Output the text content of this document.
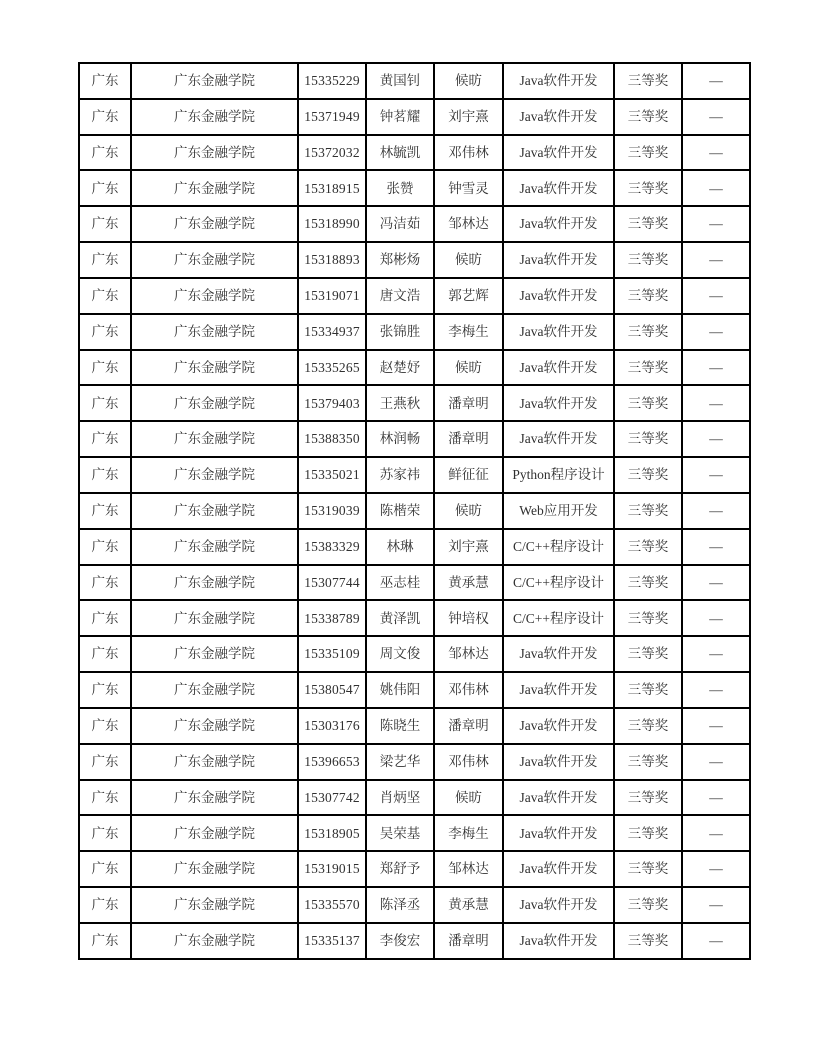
广东	广东金融学院	15335229	黄国钊	候昉	Java软件开发	三等奖	—
广东	广东金融学院	15371949	钟茗耀	刘宇熹	Java软件开发	三等奖	—
广东	广东金融学院	15372032	林毓凯	邓伟林	Java软件开发	三等奖	—
广东	广东金融学院	15318915	张赞	钟雪灵	Java软件开发	三等奖	—
广东	广东金融学院	15318990	冯洁茹	邹林达	Java软件开发	三等奖	—
广东	广东金融学院	15318893	郑彬炀	候昉	Java软件开发	三等奖	—
广东	广东金融学院	15319071	唐文浩	郭艺辉	Java软件开发	三等奖	—
广东	广东金融学院	15334937	张锦胜	李梅生	Java软件开发	三等奖	—
广东	广东金融学院	15335265	赵楚妤	候昉	Java软件开发	三等奖	—
广东	广东金融学院	15379403	王燕秋	潘章明	Java软件开发	三等奖	—
广东	广东金融学院	15388350	林润畅	潘章明	Java软件开发	三等奖	—
广东	广东金融学院	15335021	苏家祎	鲜征征	Python程序设计	三等奖	—
广东	广东金融学院	15319039	陈楷荣	候昉	Web应用开发	三等奖	—
广东	广东金融学院	15383329	林琳	刘宇熹	C/C++程序设计	三等奖	—
广东	广东金融学院	15307744	巫志桂	黄承慧	C/C++程序设计	三等奖	—
广东	广东金融学院	15338789	黄泽凯	钟培权	C/C++程序设计	三等奖	—
广东	广东金融学院	15335109	周文俊	邹林达	Java软件开发	三等奖	—
广东	广东金融学院	15380547	姚伟阳	邓伟林	Java软件开发	三等奖	—
广东	广东金融学院	15303176	陈晓生	潘章明	Java软件开发	三等奖	—
广东	广东金融学院	15396653	梁艺华	邓伟林	Java软件开发	三等奖	—
广东	广东金融学院	15307742	肖炳坚	候昉	Java软件开发	三等奖	—
广东	广东金融学院	15318905	吴荣基	李梅生	Java软件开发	三等奖	—
广东	广东金融学院	15319015	郑舒予	邹林达	Java软件开发	三等奖	—
广东	广东金融学院	15335570	陈泽丞	黄承慧	Java软件开发	三等奖	—
广东	广东金融学院	15335137	李俊宏	潘章明	Java软件开发	三等奖	—
